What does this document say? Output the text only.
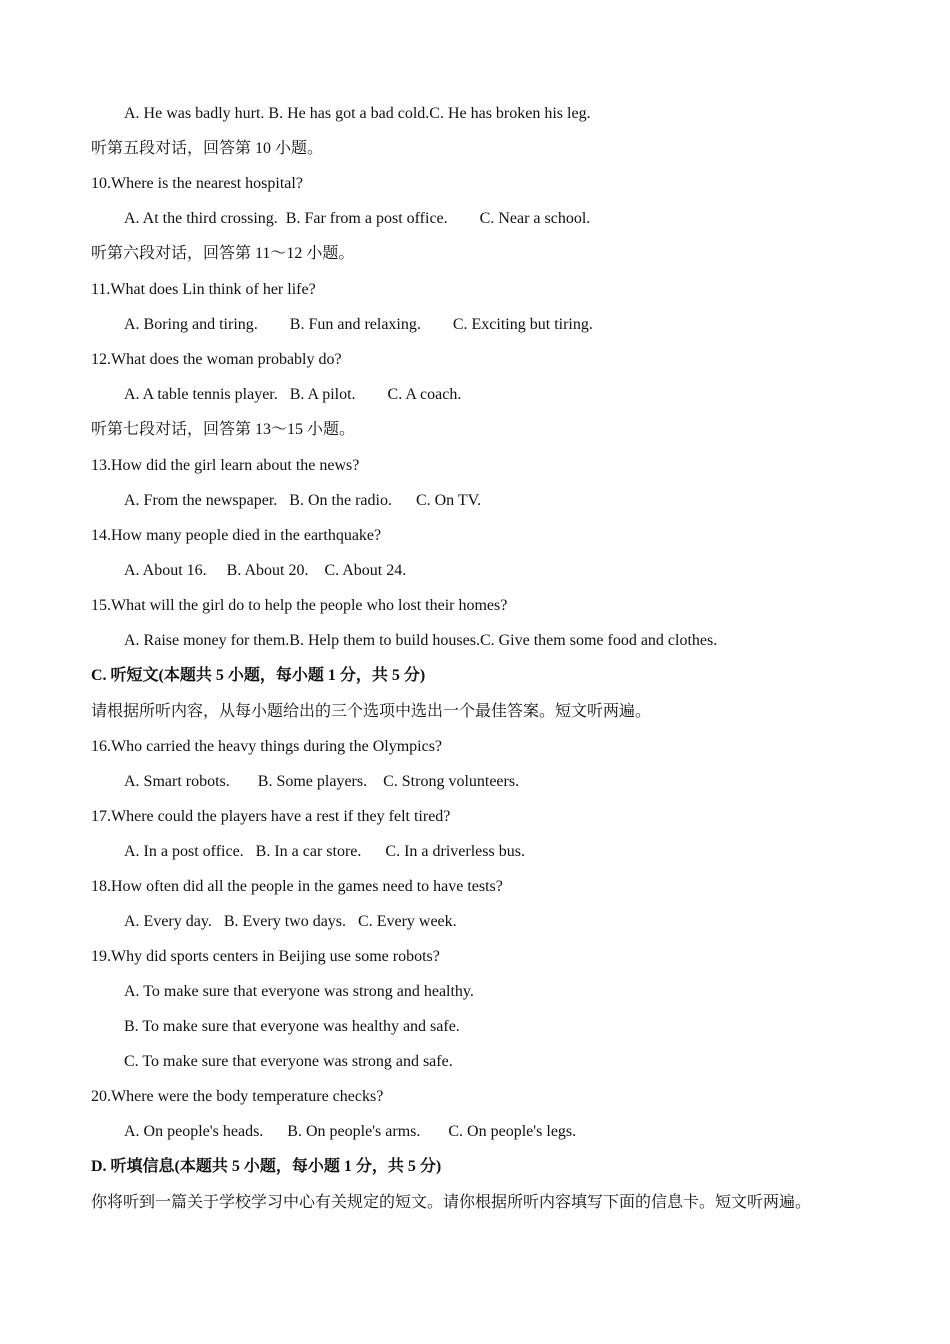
A. He was badly hurt. B. He has got a bad cold.C. He has broken his leg.
听第五段对话，回答第 10 小题。
10.Where is the nearest hospital?
A. At the third crossing.  B. Far from a post office.        C. Near a school.
听第六段对话，回答第 11～12 小题。
11.What does Lin think of her life?
A. Boring and tiring.        B. Fun and relaxing.        C. Exciting but tiring.
12.What does the woman probably do?
A. A table tennis player.   B. A pilot.        C. A coach.
听第七段对话，回答第 13～15 小题。
13.How did the girl learn about the news?
A. From the newspaper.   B. On the radio.      C. On TV.
14.How many people died in the earthquake?
A. About 16.     B. About 20.    C. About 24.
15.What will the girl do to help the people who lost their homes?
A. Raise money for them.B. Help them to build houses.C. Give them some food and clothes.
C. 听短文(本题共 5 小题，每小题 1 分，共 5 分)
请根据所听内容，从每小题给出的三个选项中选出一个最佳答案。短文听两遍。
16.Who carried the heavy things during the Olympics?
A. Smart robots.       B. Some players.    C. Strong volunteers.
17.Where could the players have a rest if they felt tired?
A. In a post office.   B. In a car store.      C. In a driverless bus.
18.How often did all the people in the games need to have tests?
A. Every day.   B. Every two days.   C. Every week.
19.Why did sports centers in Beijing use some robots?
A. To make sure that everyone was strong and healthy.
B. To make sure that everyone was healthy and safe.
C. To make sure that everyone was strong and safe.
20.Where were the body temperature checks?
A. On people's heads.      B. On people's arms.       C. On people's legs.
D. 听填信息(本题共 5 小题，每小题 1 分，共 5 分)
你将听到一篇关于学校学习中心有关规定的短文。请你根据所听内容填写下面的信息卡。短文听两遍。
